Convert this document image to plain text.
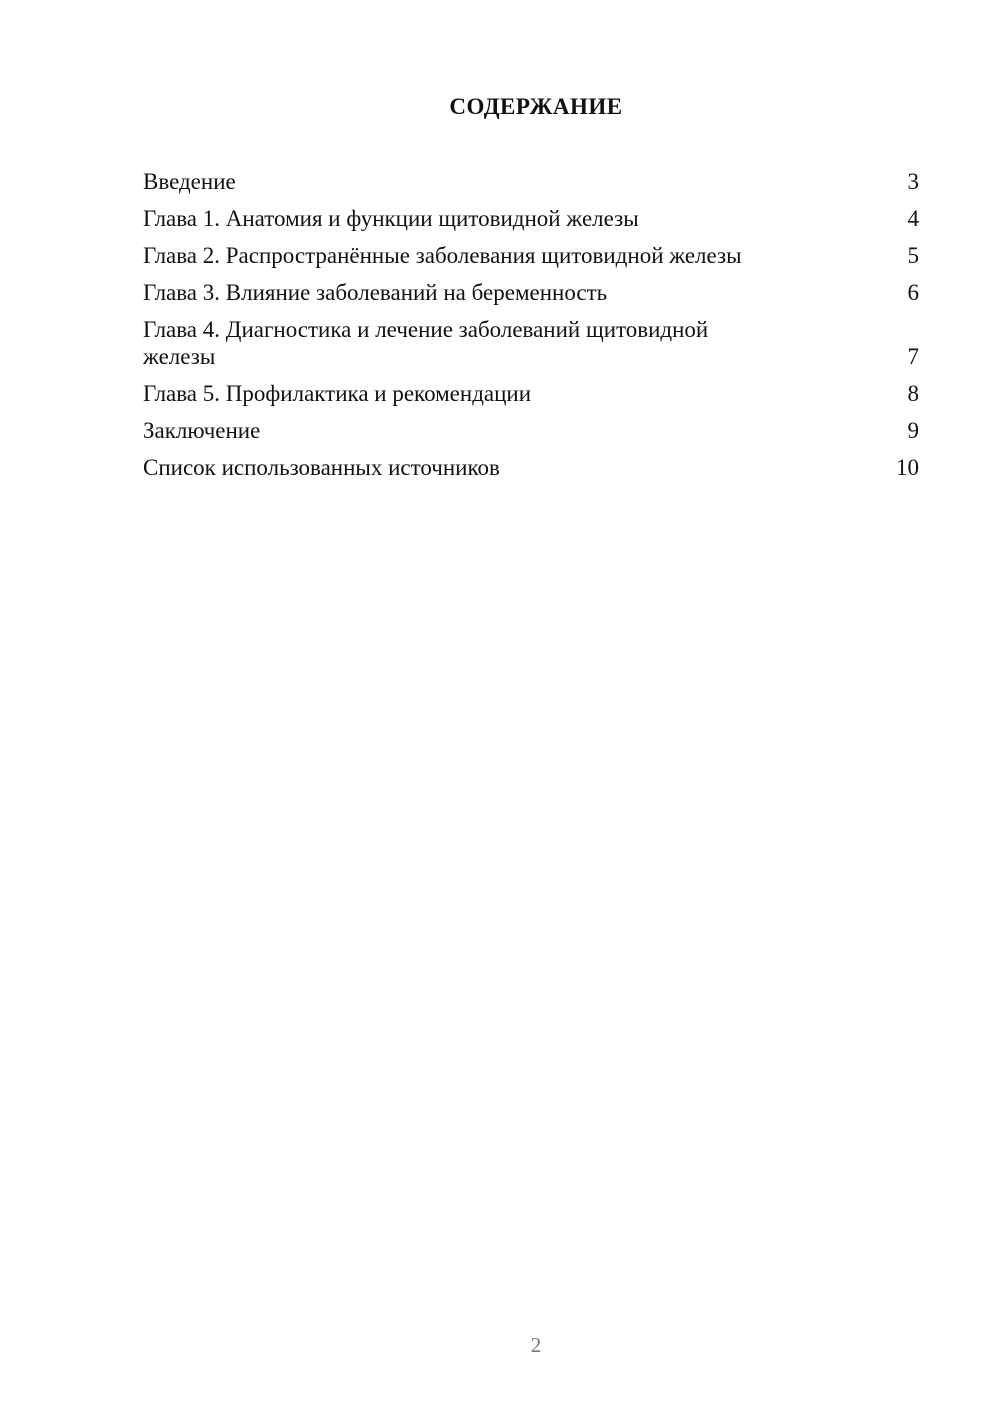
СОДЕРЖАНИЕ
Введение	3
Глава 1. Анатомия и функции щитовидной железы	4
Глава 2. Распространённые заболевания щитовидной железы	5
Глава 3. Влияние заболеваний на беременность	6
Глава 4. Диагностика и лечение заболеваний щитовидной железы	7
Глава 5. Профилактика и рекомендации	8
Заключение	9
Список использованных источников	10
2
